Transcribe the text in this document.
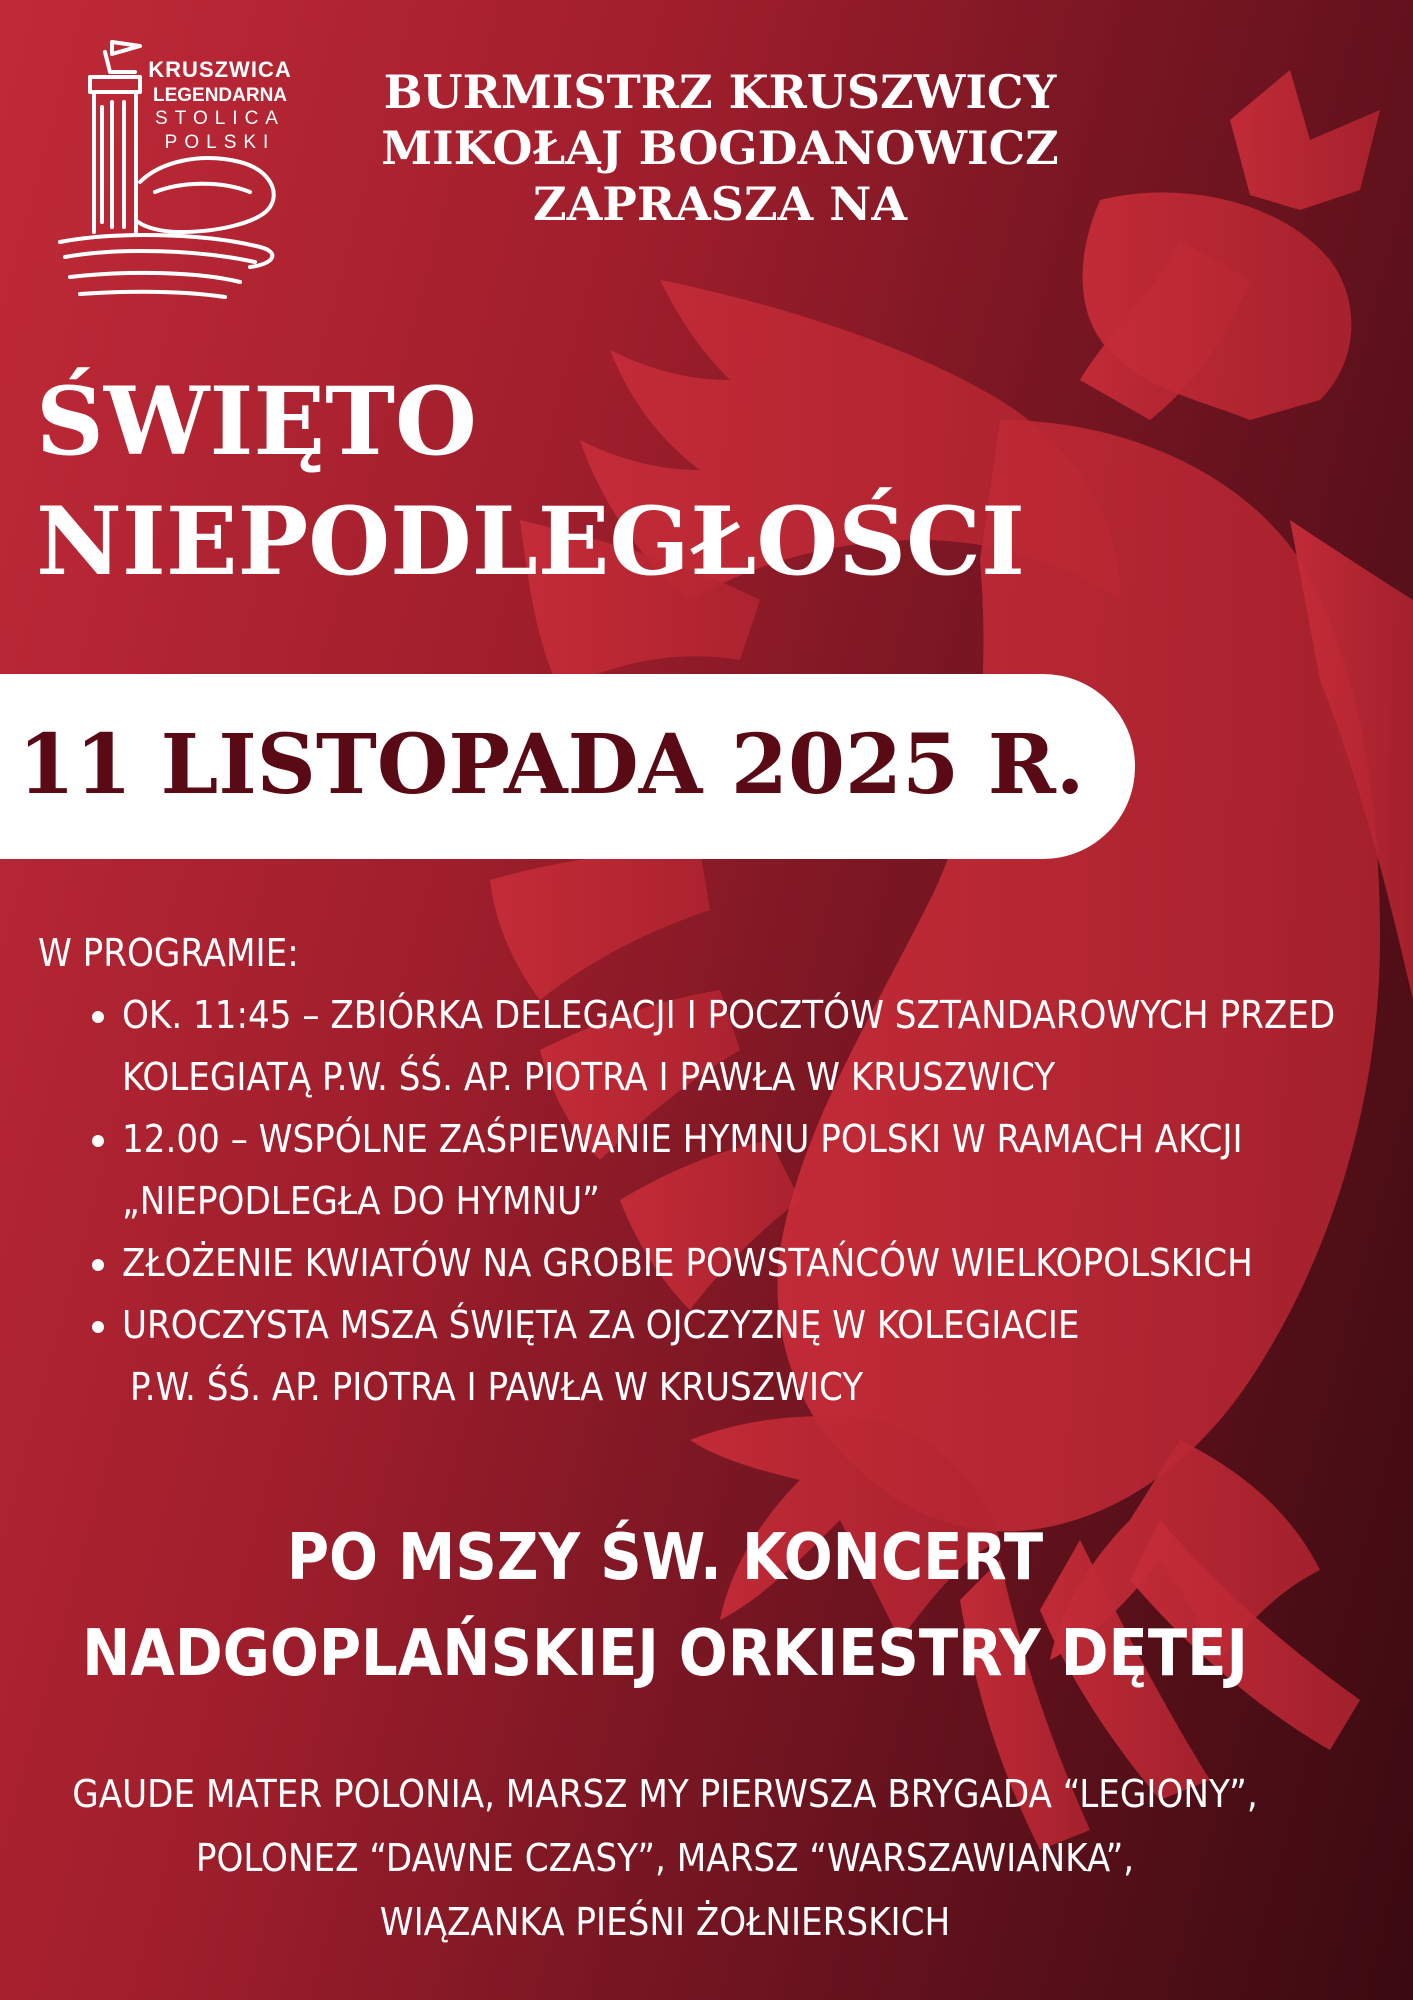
KRUSZWICA
LEGENDARNA
STOLICA
POLSKI
BURMISTRZ KRUSZWICY
MIKOŁAJ BOGDANOWICZ
ZAPRASZA NA
ŚWIĘTO
NIEPODLEGŁOŚCI
11 LISTOPADA 2025 R.
W PROGRAMIE:
• OK. 11:45 – ZBIÓRKA DELEGACJI I POCZTÓW SZTANDAROWYCH PRZED
KOLEGIATĄ P.W. ŚŚ. AP. PIOTRA I PAWŁA W KRUSZWICY
• 12.00 – WSPÓLNE ZAŚPIEWANIE HYMNU POLSKI W RAMACH AKCJI
„NIEPODLEGŁA DO HYMNU”
• ZŁOŻENIE KWIATÓW NA GROBIE POWSTAŃCÓW WIELKOPOLSKICH
• UROCZYSTA MSZA ŚWIĘTA ZA OJCZYZNĘ W KOLEGIACIE
P.W. ŚŚ. AP. PIOTRA I PAWŁA W KRUSZWICY
PO MSZY ŚW. KONCERT
NADGOPLAŃSKIEJ ORKIESTRY DĘTEJ
GAUDE MATER POLONIA, MARSZ MY PIERWSZA BRYGADA “LEGIONY”,
POLONEZ “DAWNE CZASY”, MARSZ “WARSZAWIANKA”,
WIĄZANKA PIEŚNI ŻOŁNIERSKICH
